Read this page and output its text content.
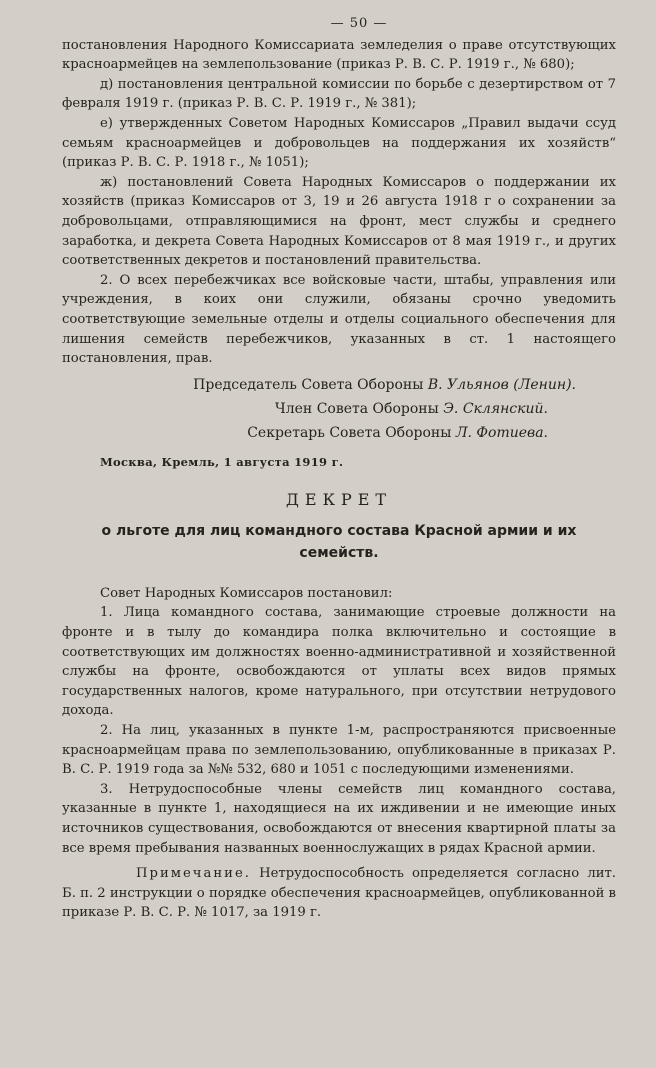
— 50 —

постановления Народного Комиссариата земледелия о праве отсутствующих красноармейцев на землепользование (приказ Р. В. С. Р. 1919 г., № 680);

д) постановления центральной комиссии по борьбе с дезертирством от 7 февраля 1919 г. (приказ Р. В. С. Р. 1919 г., № 381);

е) утвержденных Советом Народных Комиссаров „Правил выдачи ссуд семьям красноармейцев и добровольцев на поддержания их хозяйств“ (приказ Р. В. С. Р. 1918 г., № 1051);

ж) постановлений Совета Народных Комиссаров о поддержании их хозяйств (приказ Комиссаров от 3, 19 и 26 августа 1918 г о сохранении за добровольцами, отправляющимися на фронт, мест службы и среднего заработка, и декрета Совета Народных Комиссаров от 8 мая 1919 г., и других соответственных декретов и постановлений правительства.

2. О всех перебежчиках все войсковые части, штабы, управления или учреждения, в коих они служили, обязаны срочно уведомить соответствующие земельные отделы и отделы социального обеспечения для лишения семейств перебежчиков, указанных в ст. 1 настоящего постановления, прав.

Председатель Совета Обороны В. Ульянов (Ленин).
Член Совета Обороны Э. Склянский.
Секретарь Совета Обороны Л. Фотиева.
Москва, Кремль, 1 августа 1919 г.
ДЕКРЕТ
о льготе для лиц командного состава Красной армии и их семейств.

Совет Народных Комиссаров постановил:

1. Лица командного состава, занимающие строевые должности на фронте и в тылу до командира полка включительно и состоящие в соответствующих им должностях военно-административной и хозяйственной службы на фронте, освобождаются от уплаты всех видов прямых государственных налогов, кроме натурального, при отсутствии нетрудового дохода.

2. На лиц, указанных в пункте 1-м, распространяются присвоенные красноармейцам права по землепользованию, опубликованные в приказах Р. В. С. Р. 1919 года за №№ 532, 680 и 1051 с последующими изменениями.

3. Нетрудоспособные члены семейств лиц командного состава, указанные в пункте 1, находящиеся на их иждивении и не имеющие иных источников существования, освобождаются от внесения квартирной платы за все время пребывания названных военнослужащих в рядах Красной армии.

Примечание. Нетрудоспособность определяется согласно лит. Б. п. 2 инструкции о порядке обеспечения красноармейцев, опубликованной в приказе Р. В. С. Р. № 1017, за 1919 г.
